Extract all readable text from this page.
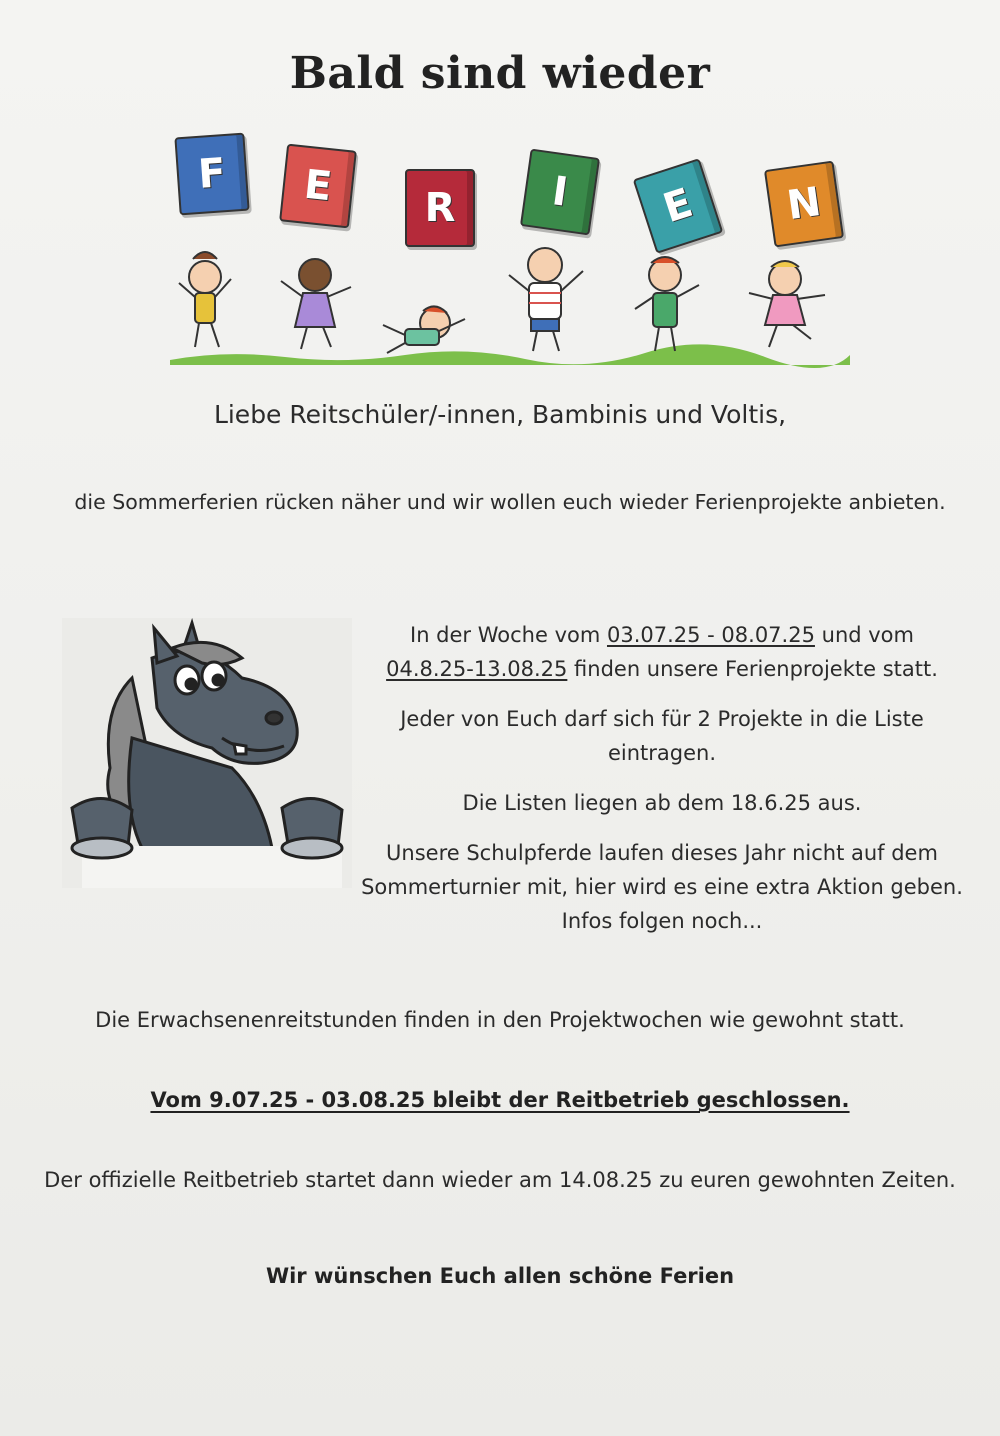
Bald sind wieder
F E R I E N
Liebe Reitschüler/-innen, Bambinis und Voltis,
die Sommerferien rücken näher und wir wollen euch wieder Ferienprojekte anbieten.

In der Woche vom 03.07.25 - 08.07.25 und vom
04.8.25-13.08.25 finden unsere Ferienprojekte statt.

Jeder von Euch darf sich für 2 Projekte in die Liste eintragen.

Die Listen liegen ab dem 18.6.25 aus.

Unsere Schulpferde laufen dieses Jahr nicht auf dem Sommerturnier mit, hier wird es eine extra Aktion geben. Infos folgen noch...

Die Erwachsenenreitstunden finden in den Projektwochen wie gewohnt statt.
Vom 9.07.25 - 03.08.25 bleibt der Reitbetrieb geschlossen.
Der offizielle Reitbetrieb startet dann wieder am 14.08.25 zu euren gewohnten Zeiten.
Wir wünschen Euch allen schöne Ferien
